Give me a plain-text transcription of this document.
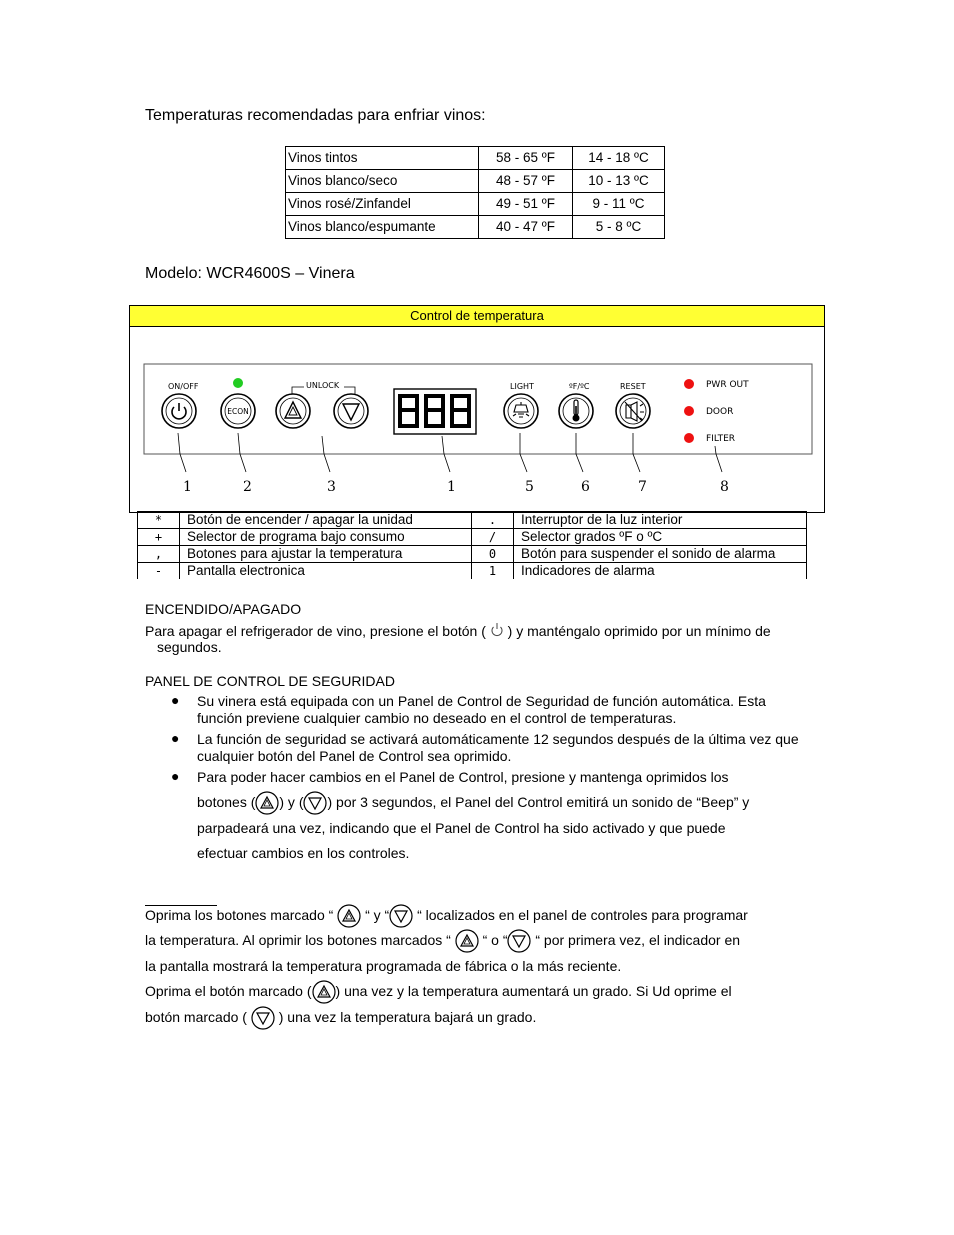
Temperaturas recomendadas para enfriar vinos:
Vinos tintos	58 - 65 ºF	14 - 18 ºC
Vinos blanco/seco	48 - 57 ºF	10 - 13 ºC
Vinos rosé/Zinfandel	49 - 51 ºF	9 - 11 ºC
Vinos blanco/espumante	40 - 47 ºF	5 - 8 ºC
Modelo: WCR4600S – Vinera
Control de temperatura
ON/OFF	UNLOCK	LIGHT	ºF/ºC	RESET
ECON
PWR OUT
DOOR
FILTER
1	2	3	1	5	6	7	8
*	Botón de encender / apagar la unidad	.	Interruptor de la luz interior
+	Selector de programa bajo consumo	/	Selector grados ºF o ºC
,	Botones para ajustar la temperatura	0	Botón para suspender el sonido de alarma
-	Pantalla electronica	1	Indicadores de alarma
ENCENDIDO/APAGADO
Para apagar el refrigerador de vino, presione el botón ( ) y manténgalo oprimido por un mínimo de
segundos.
PANEL DE CONTROL DE SEGURIDAD
● Su vinera está equipada con un Panel de Control de Seguridad de función automática. Esta función previene cualquier cambio no deseado en el control de temperaturas.
● La función de seguridad se activará automáticamente 12 segundos después de la última vez que cualquier botón del Panel de Control sea oprimido.
● Para poder hacer cambios en el Panel de Control, presione y mantenga oprimidos los
botones ( ) y ( ) por 3 segundos, el Panel del Control emitirá un sonido de “Beep” y
parpadeará una vez, indicando que el Panel de Control ha sido activado y que puede
efectuar cambios en los controles.
Oprima los botones marcado “ “ y “ “ localizados en el panel de controles para programar
la temperatura. Al oprimir los botones marcados “ “ o “ “ por primera vez, el indicador en
la pantalla mostrará la temperatura programada de fábrica o la más reciente.
Oprima el botón marcado ( ) una vez y la temperatura aumentará un grado. Si Ud oprime el
botón marcado ( ) una vez la temperatura bajará un grado.
